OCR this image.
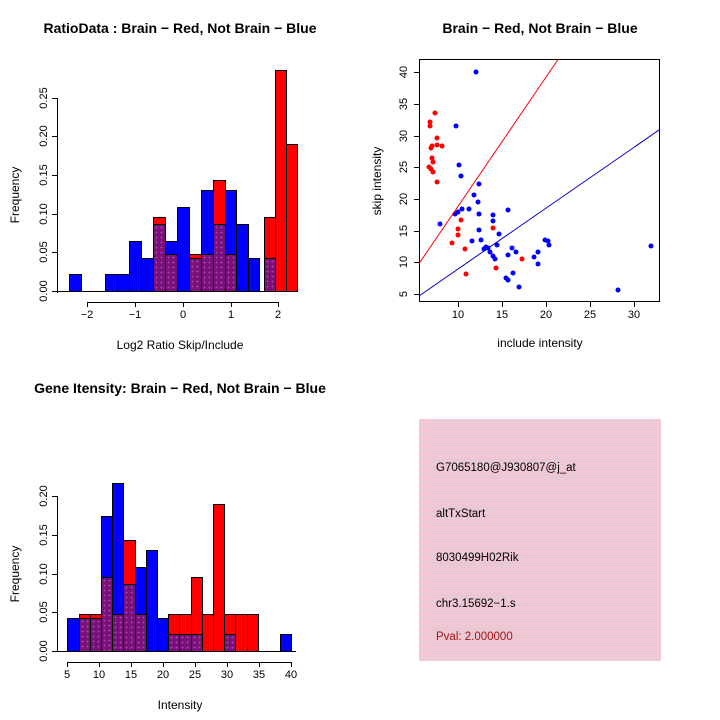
RatioData : Brain − Red, Not Brain − Blue	Brain − Red, Not Brain − Blue
Gene Itensity: Brain − Red, Not Brain − Blue
Log2 Ratio Skip/Include	include intensity
Intensity
Frequency	skip intensity
Frequency
G7065180@J930807@j_at
altTxStart
8030499H02Rik
chr3.15692−1.s
Pval: 2.000000
−2	−1	0	1	2
0.00
0.05
0.10
0.15
0.20
0.25
5 10 15 20 25 30 35 40
0.00
0.05
0.10
0.15
0.20
10	15	20	25	30
5
10
15
20
25
30
35
40
